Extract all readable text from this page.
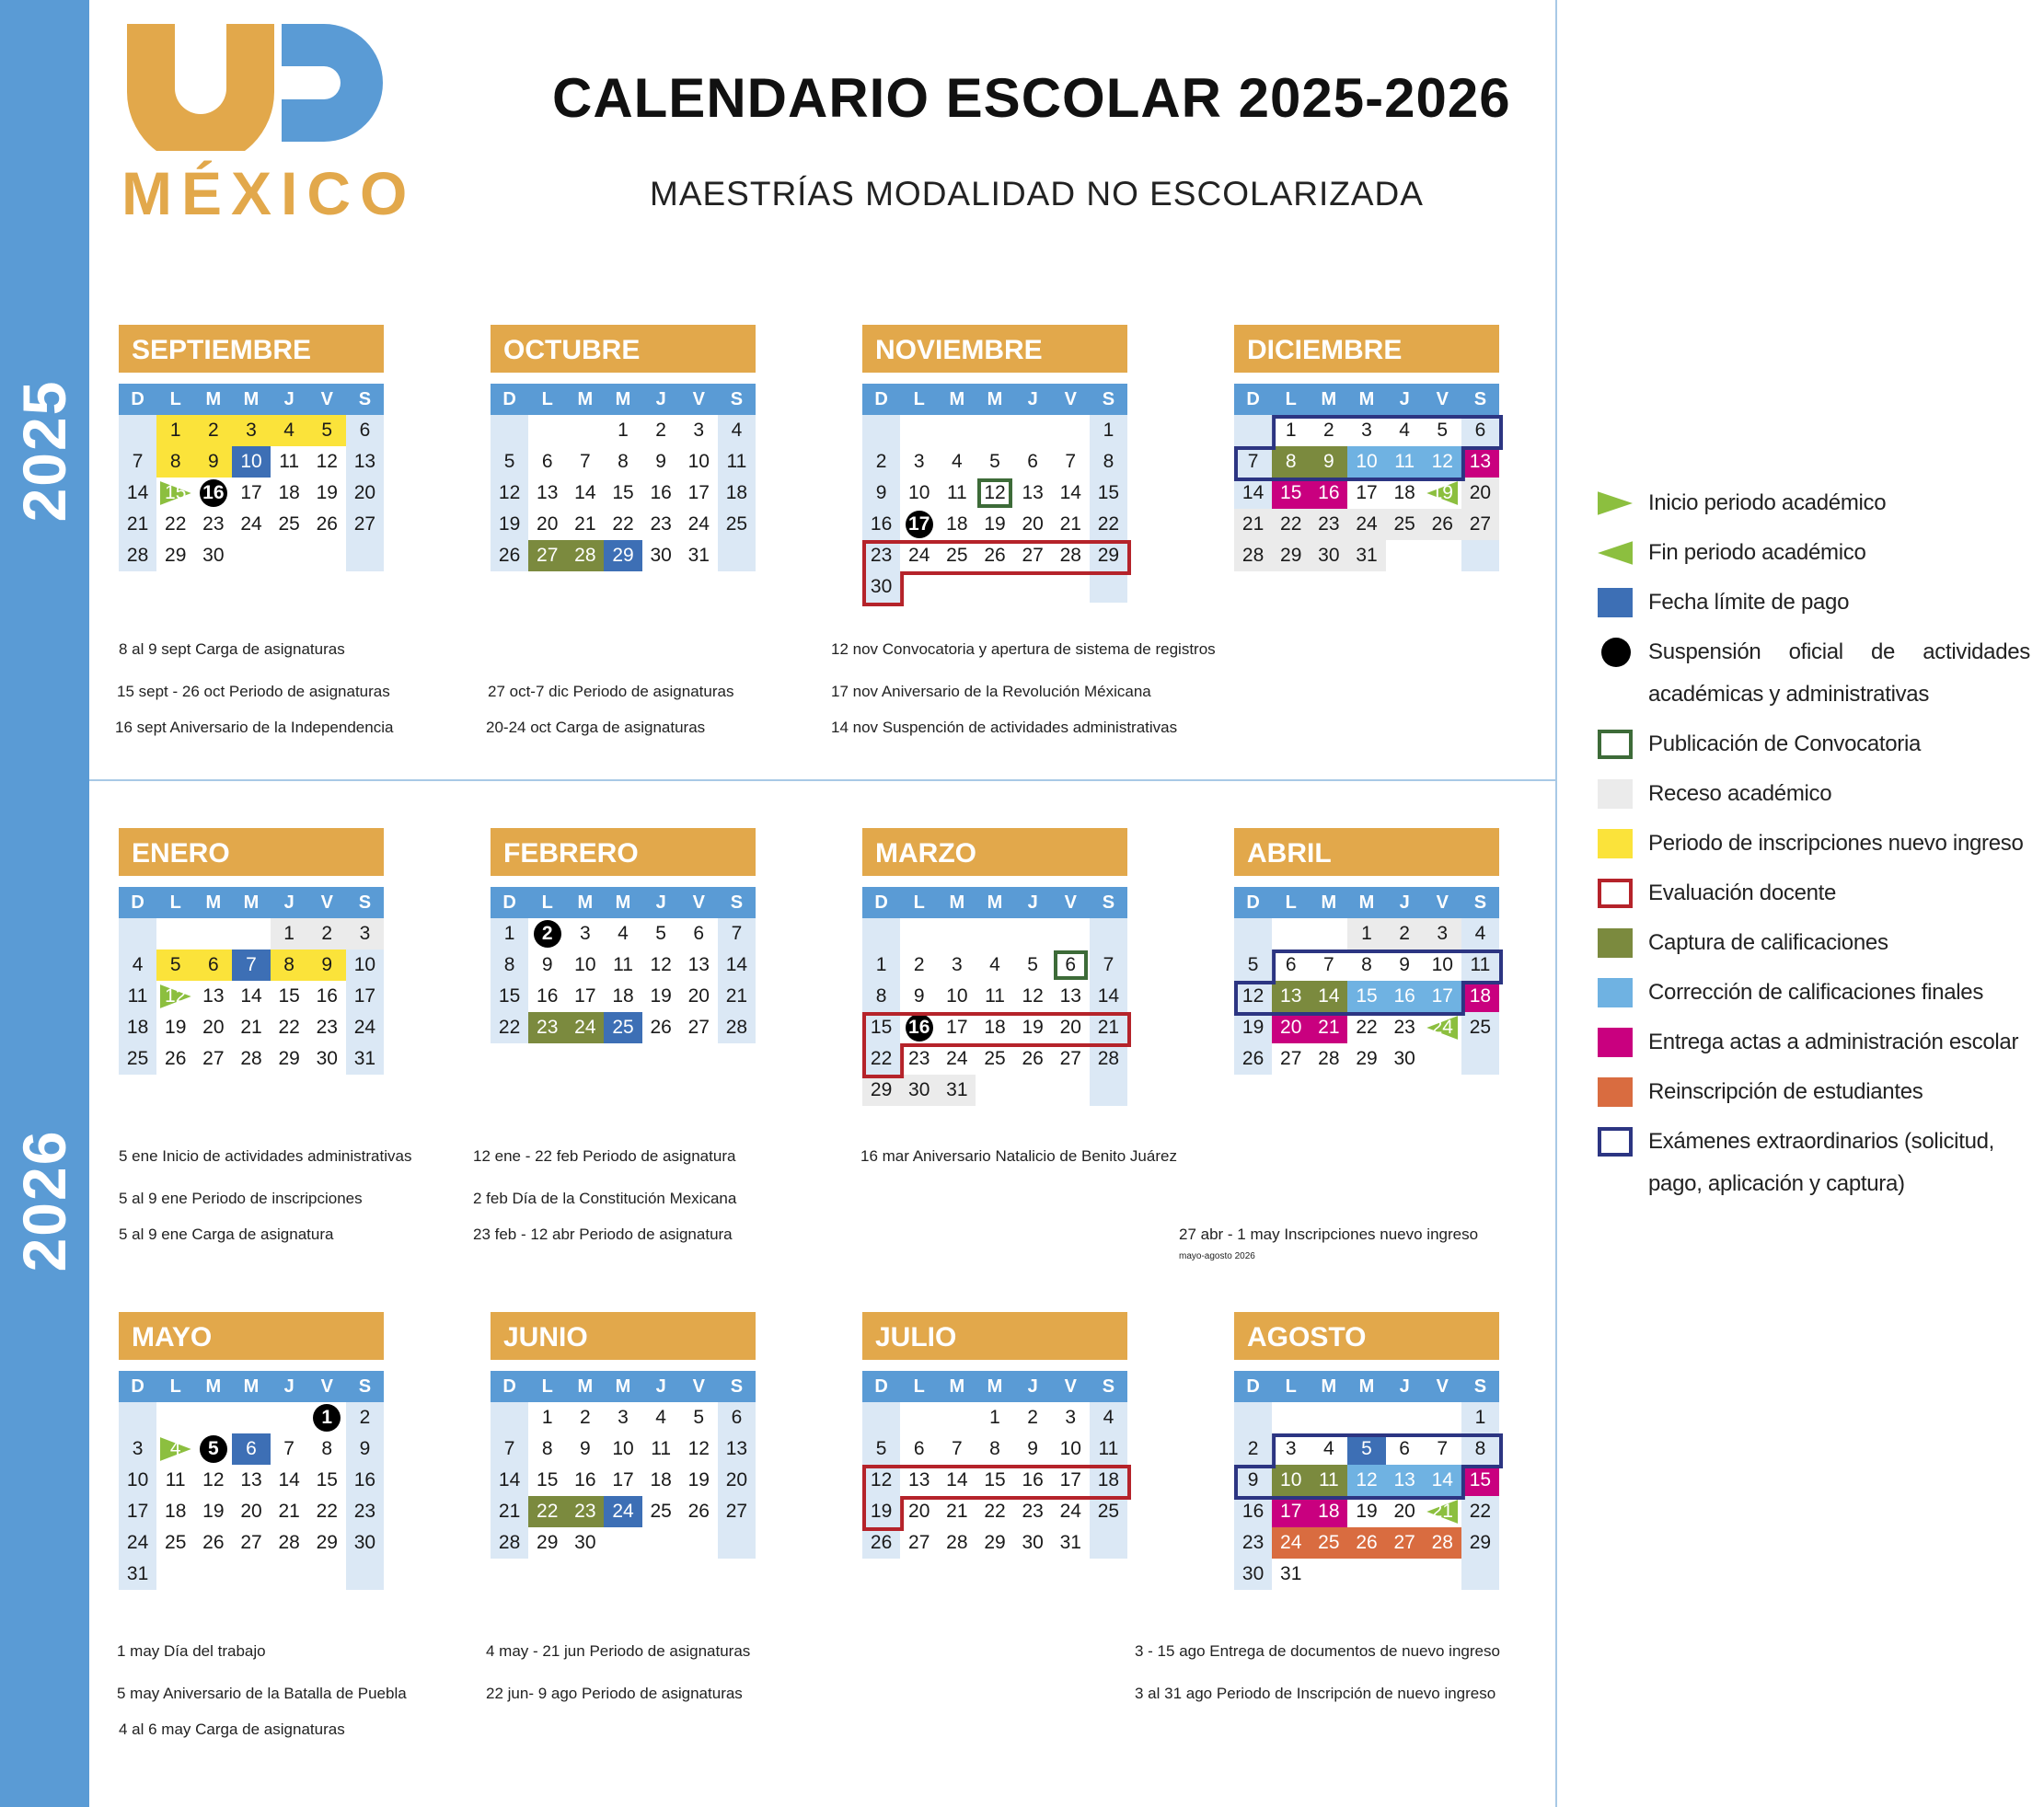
2025
2026
MÉXICO
CALENDARIO ESCOLAR 2025-2026
MAESTRÍAS MODALIDAD NO ESCOLARIZADA
SEPTIEMBRE
D	L	M	M	J	V	S
	1	2	3	4	5	6
7	8	9	10	11	12	13
14	15	16	17	18	19	20
21	22	23	24	25	26	27
28	29	30				
OCTUBRE
D	L	M	M	J	V	S
			1	2	3	4
5	6	7	8	9	10	11
12	13	14	15	16	17	18
19	20	21	22	23	24	25
26	27	28	29	30	31	
NOVIEMBRE
D	L	M	M	J	V	S
						1
2	3	4	5	6	7	8
9	10	11	12	13	14	15
16	17	18	19	20	21	22
23	24	25	26	27	28	29
30						
DICIEMBRE
D	L	M	M	J	V	S
	1	2	3	4	5	6
7	8	9	10	11	12	13
14	15	16	17	18	19	20
21	22	23	24	25	26	27
28	29	30	31			
ENERO
D	L	M	M	J	V	S
				1	2	3
4	5	6	7	8	9	10
11	12	13	14	15	16	17
18	19	20	21	22	23	24
25	26	27	28	29	30	31
FEBRERO
D	L	M	M	J	V	S
1	2	3	4	5	6	7
8	9	10	11	12	13	14
15	16	17	18	19	20	21
22	23	24	25	26	27	28
MARZO
D	L	M	M	J	V	S

1	2	3	4	5	6	7
8	9	10	11	12	13	14
15	16	17	18	19	20	21
22	23	24	25	26	27	28
29	30	31				
ABRIL
D	L	M	M	J	V	S
			1	2	3	4
5	6	7	8	9	10	11
12	13	14	15	16	17	18
19	20	21	22	23	24	25
26	27	28	29	30		
MAYO
D	L	M	M	J	V	S
					1	2
3	4	5	6	7	8	9
10	11	12	13	14	15	16
17	18	19	20	21	22	23
24	25	26	27	28	29	30
31						
JUNIO
D	L	M	M	J	V	S
	1	2	3	4	5	6
7	8	9	10	11	12	13
14	15	16	17	18	19	20
21	22	23	24	25	26	27
28	29	30				
JULIO
D	L	M	M	J	V	S
			1	2	3	4
5	6	7	8	9	10	11
12	13	14	15	16	17	18
19	20	21	22	23	24	25
26	27	28	29	30	31	
AGOSTO
D	L	M	M	J	V	S
						1
2	3	4	5	6	7	8
9	10	11	12	13	14	15
16	17	18	19	20	21	22
23	24	25	26	27	28	29
30	31					
8 al 9 sept Carga de asignaturas
15 sept - 26 oct Periodo de asignaturas
16 sept Aniversario de la Independencia
27 oct-7 dic Periodo de asignaturas
20-24 oct Carga de asignaturas
12 nov Convocatoria y apertura de sistema de registros
17 nov Aniversario de la Revolución Méxicana
14 nov Suspención de actividades administrativas
5 ene Inicio de actividades administrativas
5 al 9 ene Periodo de inscripciones
5 al 9 ene Carga de asignatura
12 ene - 22 feb Periodo de asignatura
2 feb Día de la Constitución Mexicana
23 feb - 12 abr Periodo de asignatura
16 mar Aniversario Natalicio de Benito Juárez
27 abr - 1 may Inscripciones nuevo ingreso
mayo-agosto 2026
1 may Día del trabajo
5 may Aniversario de la Batalla de Puebla
4 al 6 may Carga de asignaturas
4 may - 21 jun Periodo de asignaturas
22 jun- 9 ago Periodo de asignaturas
3 - 15 ago Entrega de documentos de nuevo ingreso
3 al 31 ago Periodo de Inscripción de nuevo ingreso
Inicio periodo académico
Fin periodo académico
Fecha límite de pago
Suspensión oficial de actividades académicas y administrativas
Publicación de Convocatoria
Receso académico
Periodo de inscripciones nuevo ingreso
Evaluación docente
Captura de calificaciones
Corrección de calificaciones finales
Entrega actas a administración escolar
Reinscripción de estudiantes
Exámenes extraordinarios (solicitud, pago, aplicación y captura)
